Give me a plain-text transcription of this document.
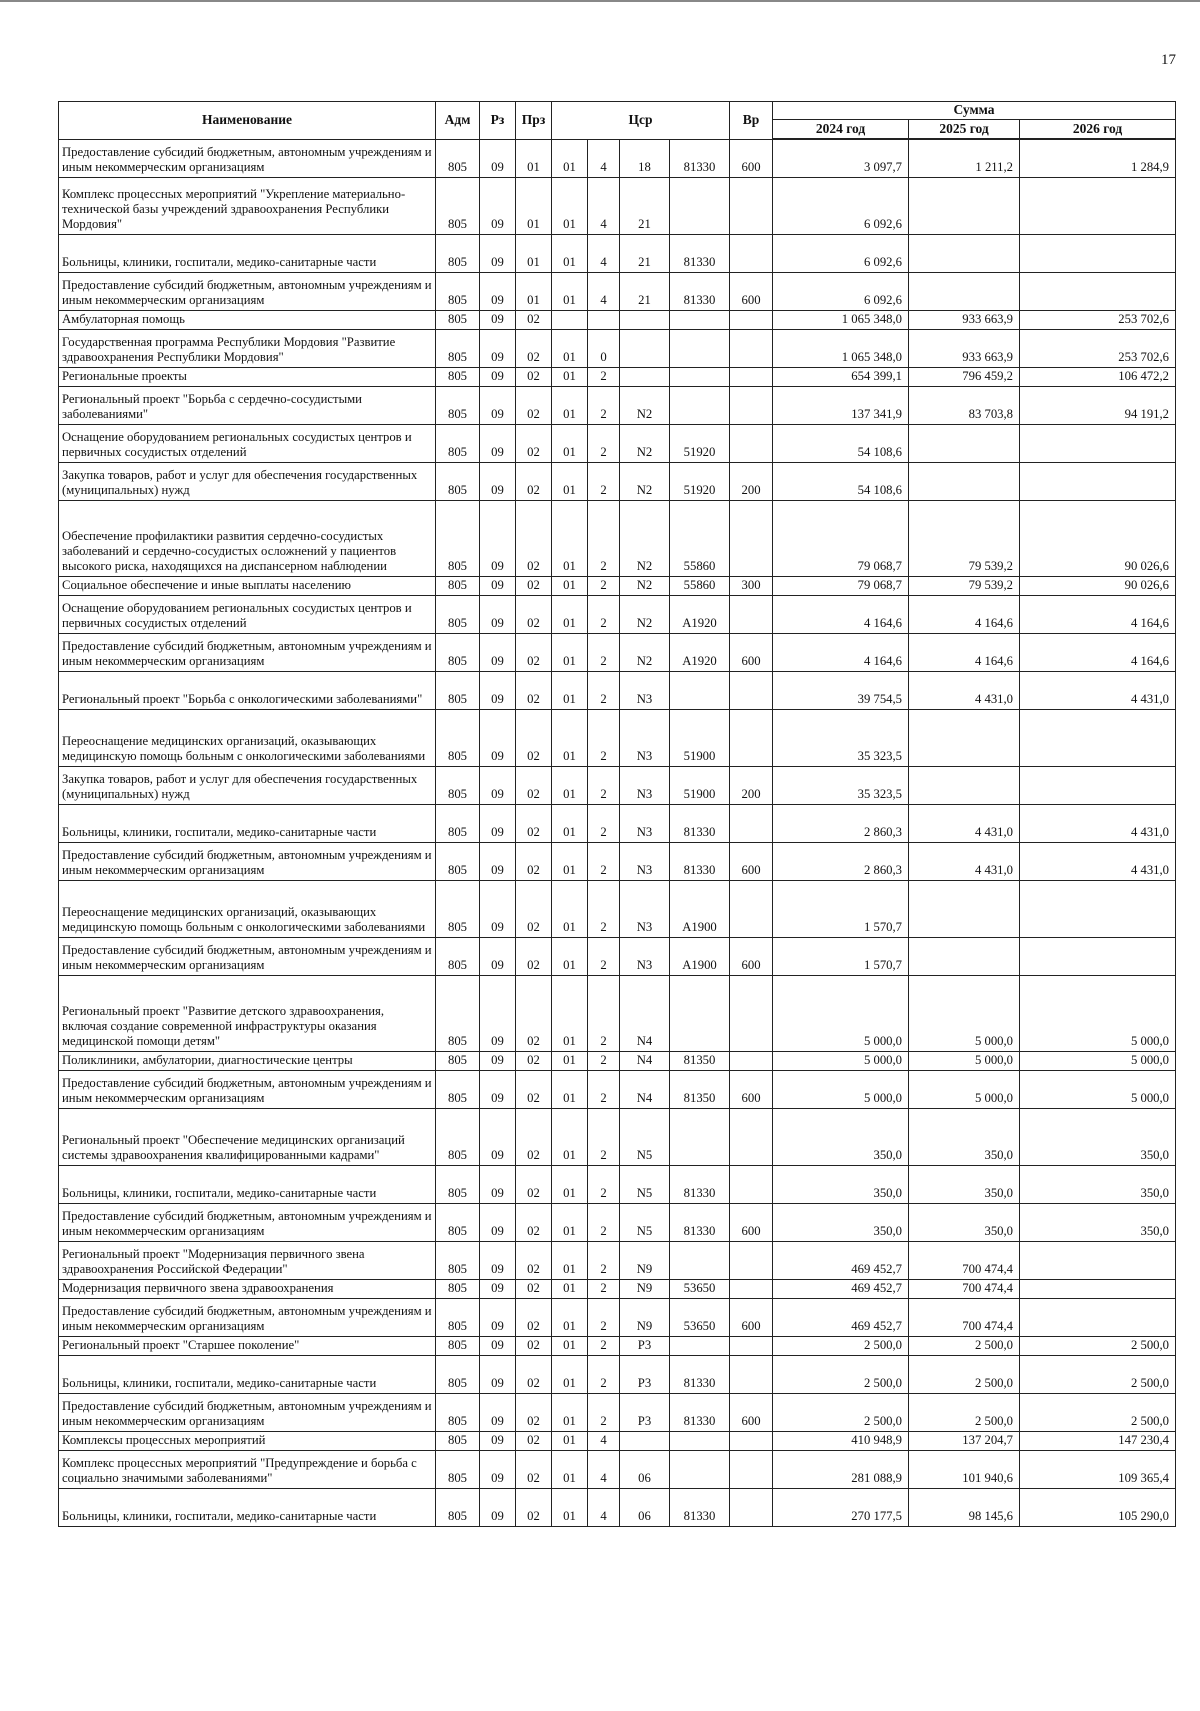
17
Наименование	Адм	Рз	Прз	Цср				Вр	Сумма		
									2024 год	2025 год	2026 год
Предоставление субсидий бюджетным, автономным учреждениям и иным некоммерческим организациям	805	09	01	01	4	18	81330	600	3 097,7	1 211,2	1 284,9
Комплекс процессных мероприятий "Укрепление материально-технической базы учреждений здравоохранения Республики Мордовия"	805	09	01	01	4	21			6 092,6		
Больницы, клиники, госпитали, медико-санитарные части	805	09	01	01	4	21	81330		6 092,6		
Предоставление субсидий бюджетным, автономным учреждениям и иным некоммерческим организациям	805	09	01	01	4	21	81330	600	6 092,6		
Амбулаторная помощь	805	09	02						1 065 348,0	933 663,9	253 702,6
Государственная программа Республики Мордовия "Развитие здравоохранения Республики Мордовия"	805	09	02	01	0				1 065 348,0	933 663,9	253 702,6
Региональные проекты	805	09	02	01	2				654 399,1	796 459,2	106 472,2
Региональный проект "Борьба с сердечно-сосудистыми заболеваниями"	805	09	02	01	2	N2			137 341,9	83 703,8	94 191,2
Оснащение оборудованием региональных сосудистых центров и первичных сосудистых отделений	805	09	02	01	2	N2	51920		54 108,6		
Закупка товаров, работ и услуг для обеспечения государственных (муниципальных) нужд	805	09	02	01	2	N2	51920	200	54 108,6		
Обеспечение профилактики развития сердечно-сосудистых заболеваний и сердечно-сосудистых осложнений у пациентов высокого риска, находящихся на диспансерном наблюдении	805	09	02	01	2	N2	55860		79 068,7	79 539,2	90 026,6
Социальное обеспечение и иные выплаты населению	805	09	02	01	2	N2	55860	300	79 068,7	79 539,2	90 026,6
Оснащение оборудованием региональных сосудистых центров и первичных сосудистых отделений	805	09	02	01	2	N2	A1920		4 164,6	4 164,6	4 164,6
Предоставление субсидий бюджетным, автономным учреждениям и иным некоммерческим организациям	805	09	02	01	2	N2	A1920	600	4 164,6	4 164,6	4 164,6
Региональный проект "Борьба с онкологическими заболеваниями"	805	09	02	01	2	N3			39 754,5	4 431,0	4 431,0
Переоснащение медицинских организаций, оказывающих медицинскую помощь больным с онкологическими заболеваниями	805	09	02	01	2	N3	51900		35 323,5		
Закупка товаров, работ и услуг для обеспечения государственных (муниципальных) нужд	805	09	02	01	2	N3	51900	200	35 323,5		
Больницы, клиники, госпитали, медико-санитарные части	805	09	02	01	2	N3	81330		2 860,3	4 431,0	4 431,0
Предоставление субсидий бюджетным, автономным учреждениям и иным некоммерческим организациям	805	09	02	01	2	N3	81330	600	2 860,3	4 431,0	4 431,0
Переоснащение медицинских организаций, оказывающих медицинскую помощь больным с онкологическими заболеваниями	805	09	02	01	2	N3	A1900		1 570,7		
Предоставление субсидий бюджетным, автономным учреждениям и иным некоммерческим организациям	805	09	02	01	2	N3	A1900	600	1 570,7		
Региональный проект "Развитие детского здравоохранения, включая создание современной инфраструктуры оказания медицинской помощи детям"	805	09	02	01	2	N4			5 000,0	5 000,0	5 000,0
Поликлиники, амбулатории, диагностические центры	805	09	02	01	2	N4	81350		5 000,0	5 000,0	5 000,0
Предоставление субсидий бюджетным, автономным учреждениям и иным некоммерческим организациям	805	09	02	01	2	N4	81350	600	5 000,0	5 000,0	5 000,0
Региональный проект "Обеспечение медицинских организаций системы здравоохранения квалифицированными кадрами"	805	09	02	01	2	N5			350,0	350,0	350,0
Больницы, клиники, госпитали, медико-санитарные части	805	09	02	01	2	N5	81330		350,0	350,0	350,0
Предоставление субсидий бюджетным, автономным учреждениям и иным некоммерческим организациям	805	09	02	01	2	N5	81330	600	350,0	350,0	350,0
Региональный проект "Модернизация первичного звена здравоохранения Российской Федерации"	805	09	02	01	2	N9			469 452,7	700 474,4	
Модернизация первичного звена здравоохранения	805	09	02	01	2	N9	53650		469 452,7	700 474,4	
Предоставление субсидий бюджетным, автономным учреждениям и иным некоммерческим организациям	805	09	02	01	2	N9	53650	600	469 452,7	700 474,4	
Региональный проект "Старшее поколение"	805	09	02	01	2	P3			2 500,0	2 500,0	2 500,0
Больницы, клиники, госпитали, медико-санитарные части	805	09	02	01	2	P3	81330		2 500,0	2 500,0	2 500,0
Предоставление субсидий бюджетным, автономным учреждениям и иным некоммерческим организациям	805	09	02	01	2	P3	81330	600	2 500,0	2 500,0	2 500,0
Комплексы процессных мероприятий	805	09	02	01	4				410 948,9	137 204,7	147 230,4
Комплекс процессных мероприятий "Предупреждение и борьба с социально значимыми заболеваниями"	805	09	02	01	4	06			281 088,9	101 940,6	109 365,4
Больницы, клиники, госпитали, медико-санитарные части	805	09	02	01	4	06	81330		270 177,5	98 145,6	105 290,0
